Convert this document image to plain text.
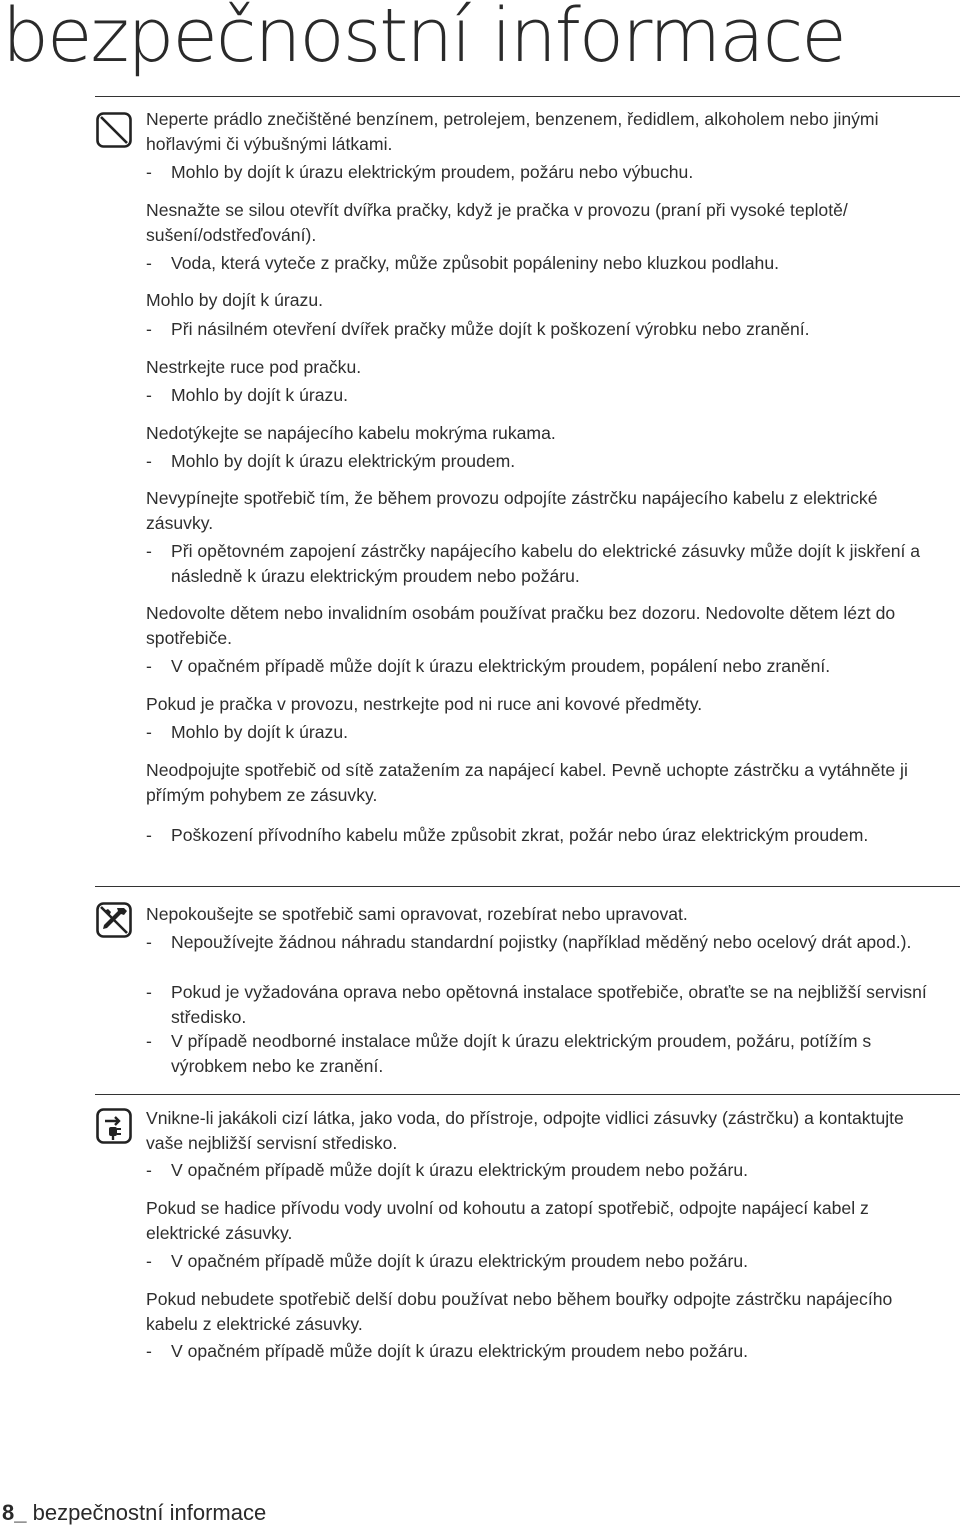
bezpečnostní informace

Neperte prádlo znečištěné benzínem, petrolejem, benzenem, ředidlem, alkoholem nebo jinými hořlavými či výbušnými látkami.

- Mohlo by dojít k úrazu elektrickým proudem, požáru nebo výbuchu.

Nesnažte se silou otevřít dvířka pračky, když je pračka v provozu (praní při vysoké teplotě/ sušení/odstřeďování).

- Voda, která vyteče z pračky, může způsobit popáleniny nebo kluzkou podlahu.

Mohlo by dojít k úrazu.

- Při násilném otevření dvířek pračky může dojít k poškození výrobku nebo zranění.

Nestrkejte ruce pod pračku.

- Mohlo by dojít k úrazu.

Nedotýkejte se napájecího kabelu mokrýma rukama.

- Mohlo by dojít k úrazu elektrickým proudem.

Nevypínejte spotřebič tím, že během provozu odpojíte zástrčku napájecího kabelu z elektrické zásuvky.

- Při opětovném zapojení zástrčky napájecího kabelu do elektrické zásuvky může dojít k jiskření a následně k úrazu elektrickým proudem nebo požáru.

Nedovolte dětem nebo invalidním osobám používat pračku bez dozoru. Nedovolte dětem lézt do spotřebiče.

- V opačném případě může dojít k úrazu elektrickým proudem, popálení nebo zranění.

Pokud je pračka v provozu, nestrkejte pod ni ruce ani kovové předměty.

- Mohlo by dojít k úrazu.

Neodpojujte spotřebič od sítě zatažením za napájecí kabel. Pevně uchopte zástrčku a vytáhněte ji přímým pohybem ze zásuvky.

- Poškození přívodního kabelu může způsobit zkrat, požár nebo úraz elektrickým proudem.

Nepokoušejte se spotřebič sami opravovat, rozebírat nebo upravovat.

- Nepoužívejte žádnou náhradu standardní pojistky (například měděný nebo ocelový drát apod.).

- Pokud je vyžadována oprava nebo opětovná instalace spotřebiče, obraťte se na nejbližší servisní středisko.

- V případě neodborné instalace může dojít k úrazu elektrickým proudem, požáru, potížím s výrobkem nebo ke zranění.

Vnikne-li jakákoli cizí látka, jako voda, do přístroje, odpojte vidlici zásuvky (zástrčku) a kontaktujte vaše nejbližší servisní středisko.

- V opačném případě může dojít k úrazu elektrickým proudem nebo požáru.

Pokud se hadice přívodu vody uvolní od kohoutu a zatopí spotřebič, odpojte napájecí kabel z elektrické zásuvky.

- V opačném případě může dojít k úrazu elektrickým proudem nebo požáru.

Pokud nebudete spotřebič delší dobu používat nebo během bouřky odpojte zástrčku napájecího kabelu z elektrické zásuvky.

- V opačném případě může dojít k úrazu elektrickým proudem nebo požáru.

8_ bezpečnostní informace
